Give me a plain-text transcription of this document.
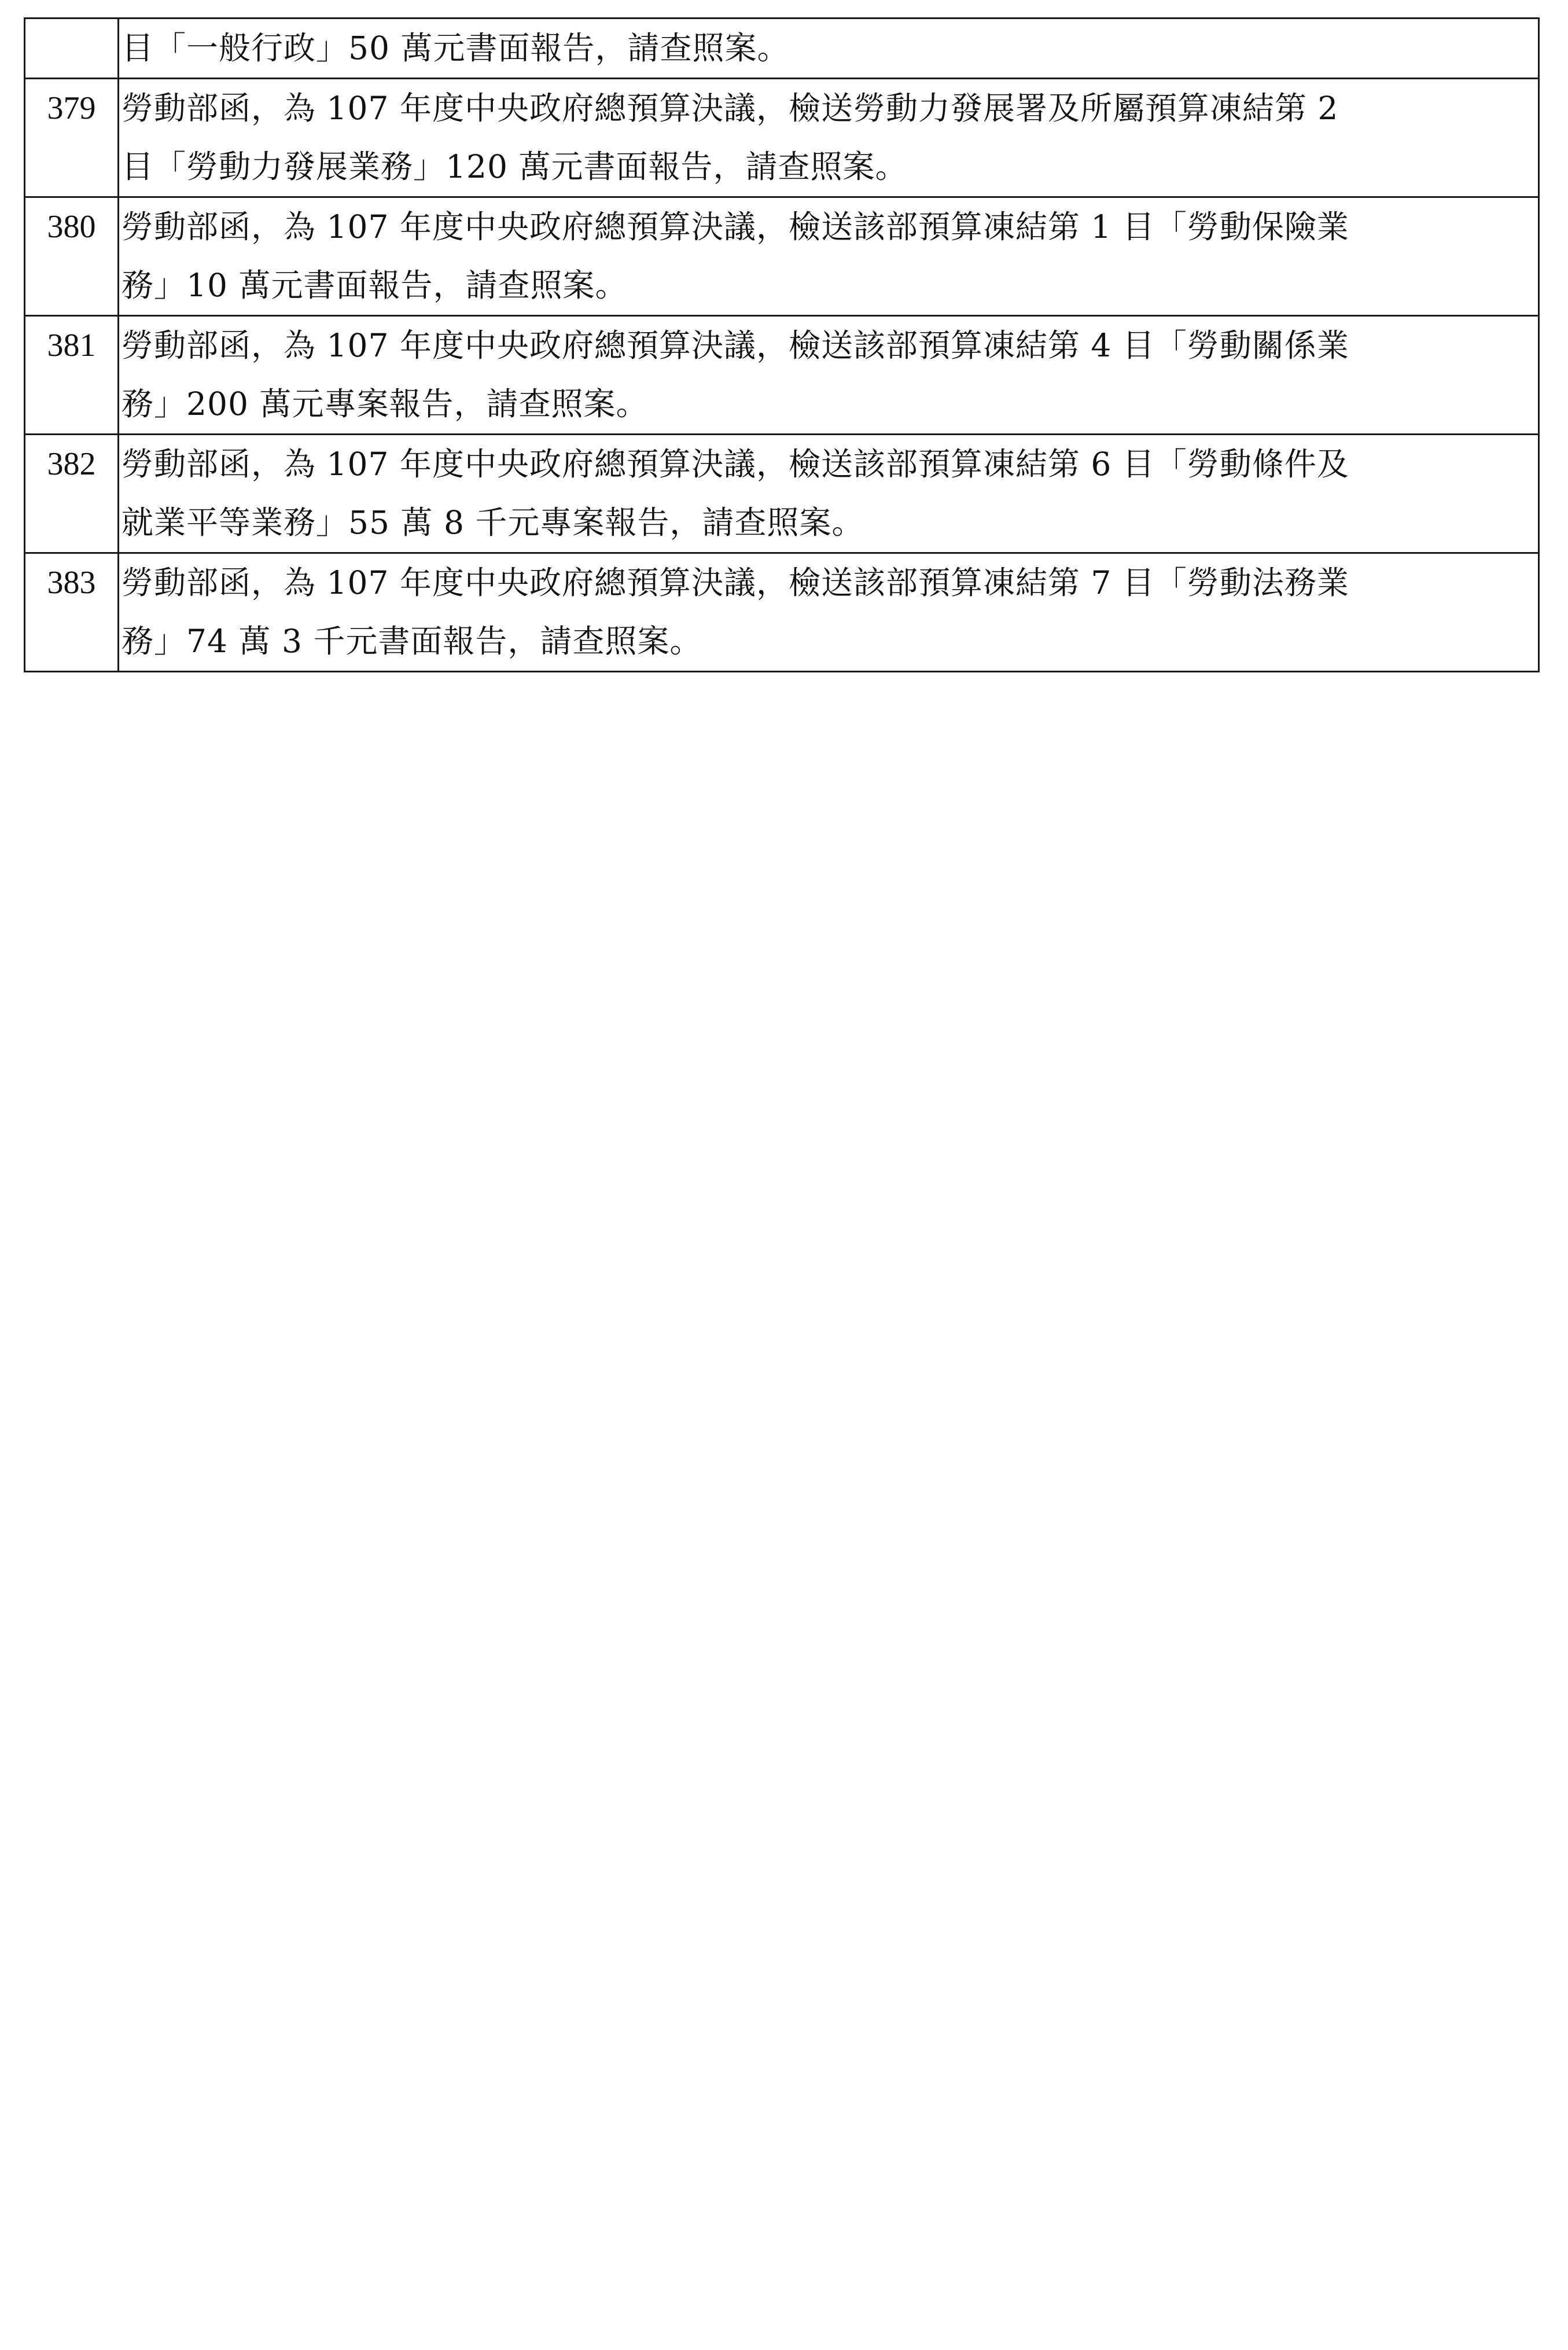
	目「一般行政」50 萬元書面報告，請查照案。

379	勞動部函，為 107 年度中央政府總預算決議，檢送勞動力發展署及所屬預算凍結第 2
目「勞動力發展業務」120 萬元書面報告，請查照案。

380	勞動部函，為 107 年度中央政府總預算決議，檢送該部預算凍結第 1 目「勞動保險業
務」10 萬元書面報告，請查照案。

381	勞動部函，為 107 年度中央政府總預算決議，檢送該部預算凍結第 4 目「勞動關係業
務」200 萬元專案報告，請查照案。

382	勞動部函，為 107 年度中央政府總預算決議，檢送該部預算凍結第 6 目「勞動條件及
就業平等業務」55 萬 8 千元專案報告，請查照案。

383	勞動部函，為 107 年度中央政府總預算決議，檢送該部預算凍結第 7 目「勞動法務業
務」74 萬 3 千元書面報告，請查照案。
